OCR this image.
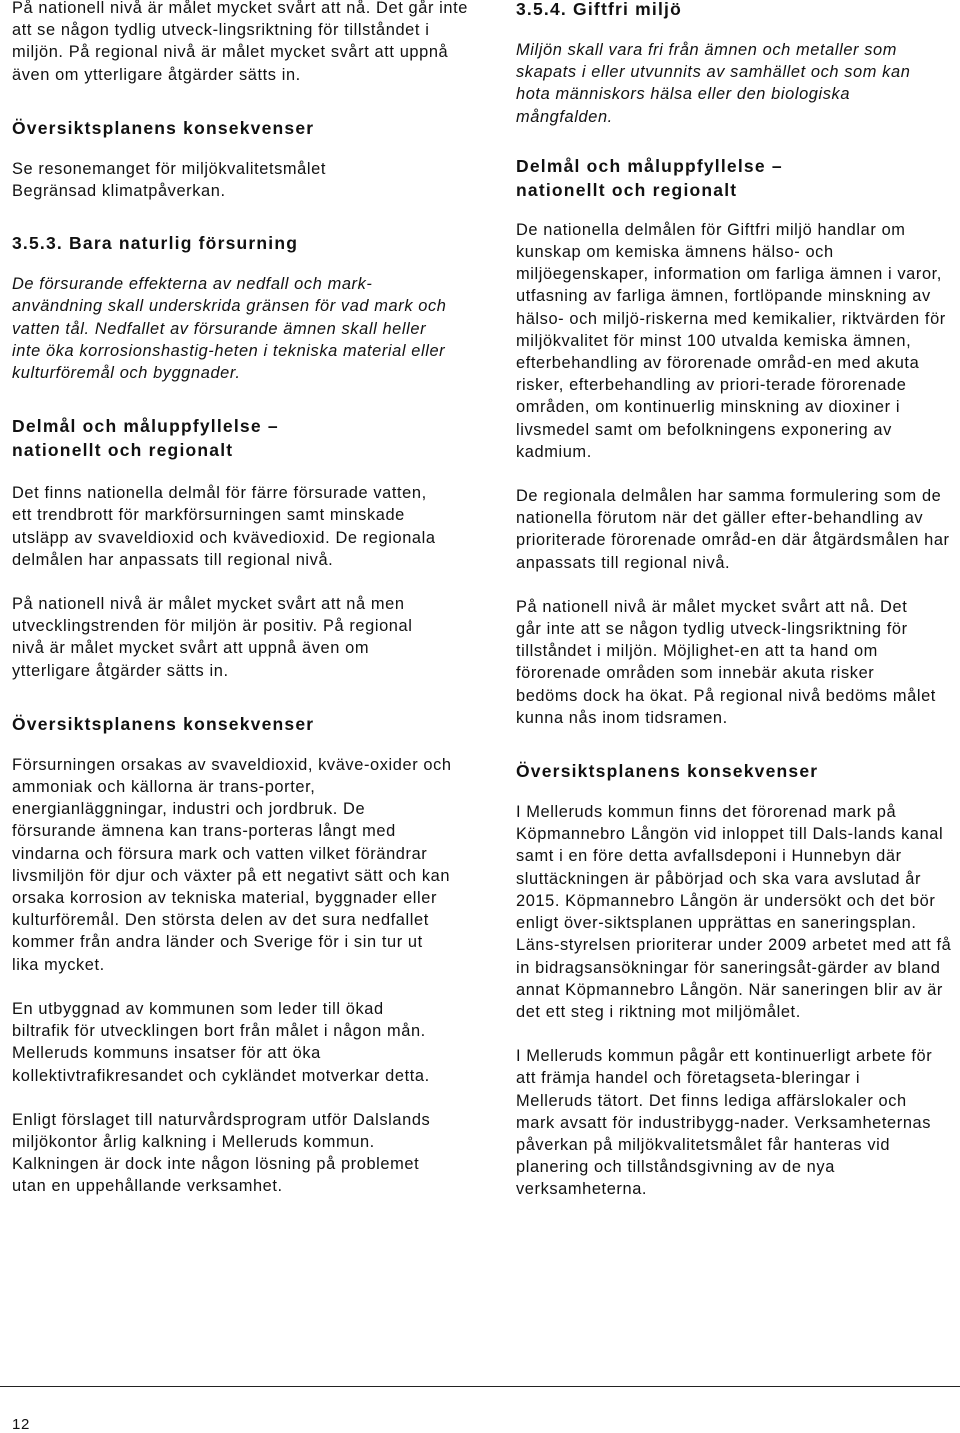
På nationell nivå är målet mycket svårt att nå. Det går inte att se någon tydlig utveck-lingsriktning för tillståndet i miljön. På regional nivå är målet mycket svårt att uppnå även om ytterligare åtgärder sätts in.

Översiktsplanens konsekvenser

Se resonemanget för miljökvalitetsmålet Begränsad klimatpåverkan.

3.5.3. Bara naturlig försurning

De försurande effekterna av nedfall och mark-användning skall underskrida gränsen för vad mark och vatten tål. Nedfallet av försurande ämnen skall heller inte öka korrosionshastig-heten i tekniska material eller kulturföremål och byggnader.

Delmål och måluppfyllelse – nationellt och regionalt

Det finns nationella delmål för färre försurade vatten, ett trendbrott för markförsurningen samt minskade utsläpp av svaveldioxid och kvävedioxid. De regionala delmålen har anpassats till regional nivå.

På nationell nivå är målet mycket svårt att nå men utvecklingstrenden för miljön är positiv. På regional nivå är målet mycket svårt att uppnå även om ytterligare åtgärder sätts in.

Översiktsplanens konsekvenser

Försurningen orsakas av svaveldioxid, kväve-oxider och ammoniak och källorna är trans-porter, energianläggningar, industri och jordbruk. De försurande ämnena kan trans-porteras långt med vindarna och försura mark och vatten vilket förändrar livsmiljön för djur och växter på ett negativt sätt och kan orsaka korrosion av tekniska material, byggnader eller kulturföremål. Den största delen av det sura nedfallet kommer från andra länder och Sverige för i sin tur ut lika mycket.

En utbyggnad av kommunen som leder till ökad biltrafik för utvecklingen bort från målet i någon mån. Melleruds kommuns insatser för att öka kollektivtrafikresandet och cykländet motverkar detta.

Enligt förslaget till naturvårdsprogram utför Dalslands miljökontor årlig kalkning i Melleruds kommun. Kalkningen är dock inte någon lösning på problemet utan en uppehållande verksamhet.

3.5.4. Giftfri miljö

Miljön skall vara fri från ämnen och metaller som skapats i eller utvunnits av samhället och som kan hota människors hälsa eller den biologiska mångfalden.

Delmål och måluppfyllelse – nationellt och regionalt

De nationella delmålen för Giftfri miljö handlar om kunskap om kemiska ämnens hälso- och miljöegenskaper, information om farliga ämnen i varor, utfasning av farliga ämnen, fortlöpande minskning av hälso- och miljö-riskerna med kemikalier, riktvärden för miljökvalitet för minst 100 utvalda kemiska ämnen, efterbehandling av förorenade områd-en med akuta risker, efterbehandling av priori-terade förorenade områden, om kontinuerlig minskning av dioxiner i livsmedel samt om befolkningens exponering av kadmium.

De regionala delmålen har samma formulering som de nationella förutom när det gäller efter-behandling av prioriterade förorenade områd-en där åtgärdsmålen har anpassats till regional nivå.

På nationell nivå är målet mycket svårt att nå. Det går inte att se någon tydlig utveck-lingsriktning för tillståndet i miljön. Möjlighet-en att ta hand om förorenade områden som innebär akuta risker bedöms dock ha ökat. På regional nivå bedöms målet kunna nås inom tidsramen.

Översiktsplanens konsekvenser

I Melleruds kommun finns det förorenad mark på Köpmannebro Långön vid inloppet till Dals-lands kanal samt i en före detta avfallsdeponi i Hunnebyn där sluttäckningen är påbörjad och ska vara avslutad år 2015. Köpmannebro Långön är undersökt och det bör enligt över-siktsplanen upprättas en saneringsplan. Läns-styrelsen prioriterar under 2009 arbetet med att få in bidragsansökningar för saneringsåt-gärder av bland annat Köpmannebro Långön. När saneringen blir av är det ett steg i riktning mot miljömålet.

I Melleruds kommun pågår ett kontinuerligt arbete för att främja handel och företagseta-bleringar i Melleruds tätort. Det finns lediga affärslokaler och mark avsatt för industribygg-nader. Verksamheternas påverkan på miljökvalitetsmålet får hanteras vid planering och tillståndsgivning av de nya verksamheterna.

12
